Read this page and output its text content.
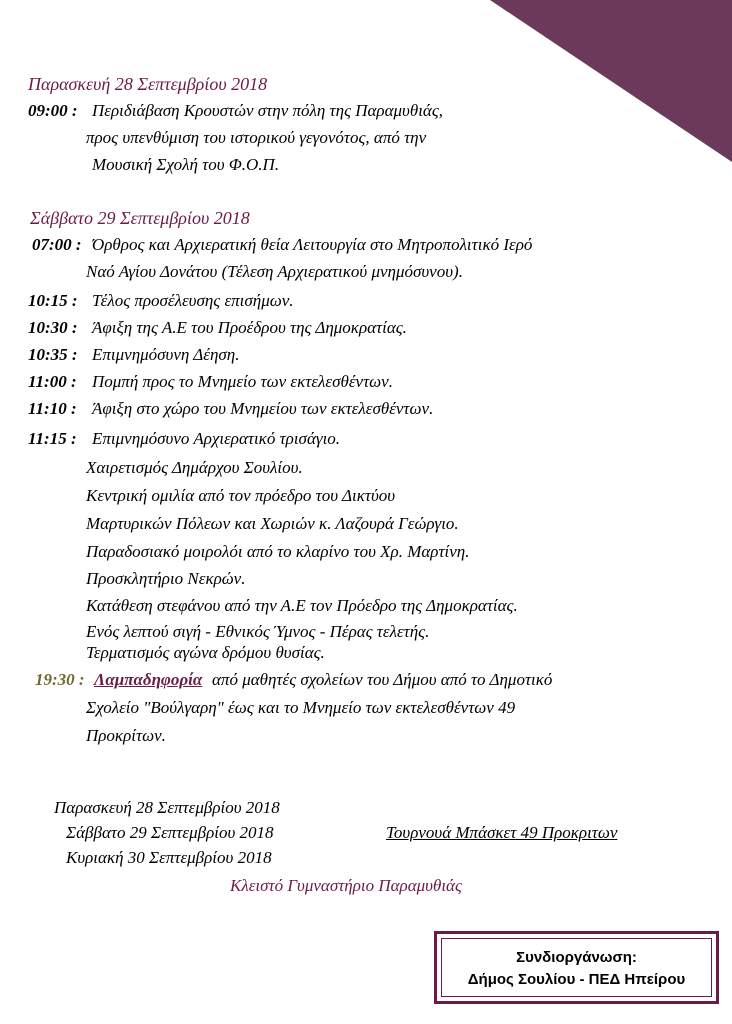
Παρασκευή 28 Σεπτεμβρίου 2018
09:00 : Περιδιάβαση Κρουστών στην πόλη της Παραμυθιάς,
προς υπενθύμιση του ιστορικού γεγονότος, από την
Μουσική Σχολή του Φ.Ο.Π.
Σάββατο 29 Σεπτεμβρίου 2018
07:00 : Όρθρος και Αρχιερατική θεία Λειτουργία στο Μητροπολιτικό Ιερό
Ναό Αγίου Δονάτου (Τέλεση Αρχιερατικού μνημόσυνου).
10:15 : Τέλος προσέλευσης επισήμων.
10:30 : Άφιξη της Α.Ε του Προέδρου της Δημοκρατίας.
10:35 : Επιμνημόσυνη Δέηση.
11:00 : Πομπή προς το Μνημείο των εκτελεσθέντων.
11:10 : Άφιξη στο χώρο του Μνημείου των εκτελεσθέντων.
11:15 : Επιμνημόσυνο Αρχιερατικό τρισάγιο.
Χαιρετισμός Δημάρχου Σουλίου.
Κεντρική ομιλία από τον πρόεδρο του Δικτύου
Μαρτυρικών Πόλεων και Χωριών κ. Λαζουρά Γεώργιο.
Παραδοσιακό μοιρολόι από το κλαρίνο του Χρ. Μαρτίνη.
Προσκλητήριο Νεκρών.
Κατάθεση στεφάνου από την Α.Ε τον Πρόεδρο της Δημοκρατίας.
Ενός λεπτού σιγή - Εθνικός Ύμνος - Πέρας τελετής.
Τερματισμός αγώνα δρόμου θυσίας.
19:30 : Λαμπαδηφορία από μαθητές σχολείων του Δήμου από το Δημοτικό
Σχολείο "Βούλγαρη" έως και το Μνημείο των εκτελεσθέντων 49
Προκρίτων.
Παρασκευή 28 Σεπτεμβρίου 2018
Σάββατο 29 Σεπτεμβρίου 2018
Κυριακή 30 Σεπτεμβρίου 2018
Τουρνουά Μπάσκετ 49 Προκριτων
Κλειστό Γυμναστήριο Παραμυθιάς
Συνδιοργάνωση:
Δήμος Σουλίου - ΠΕΔ Ηπείρου
